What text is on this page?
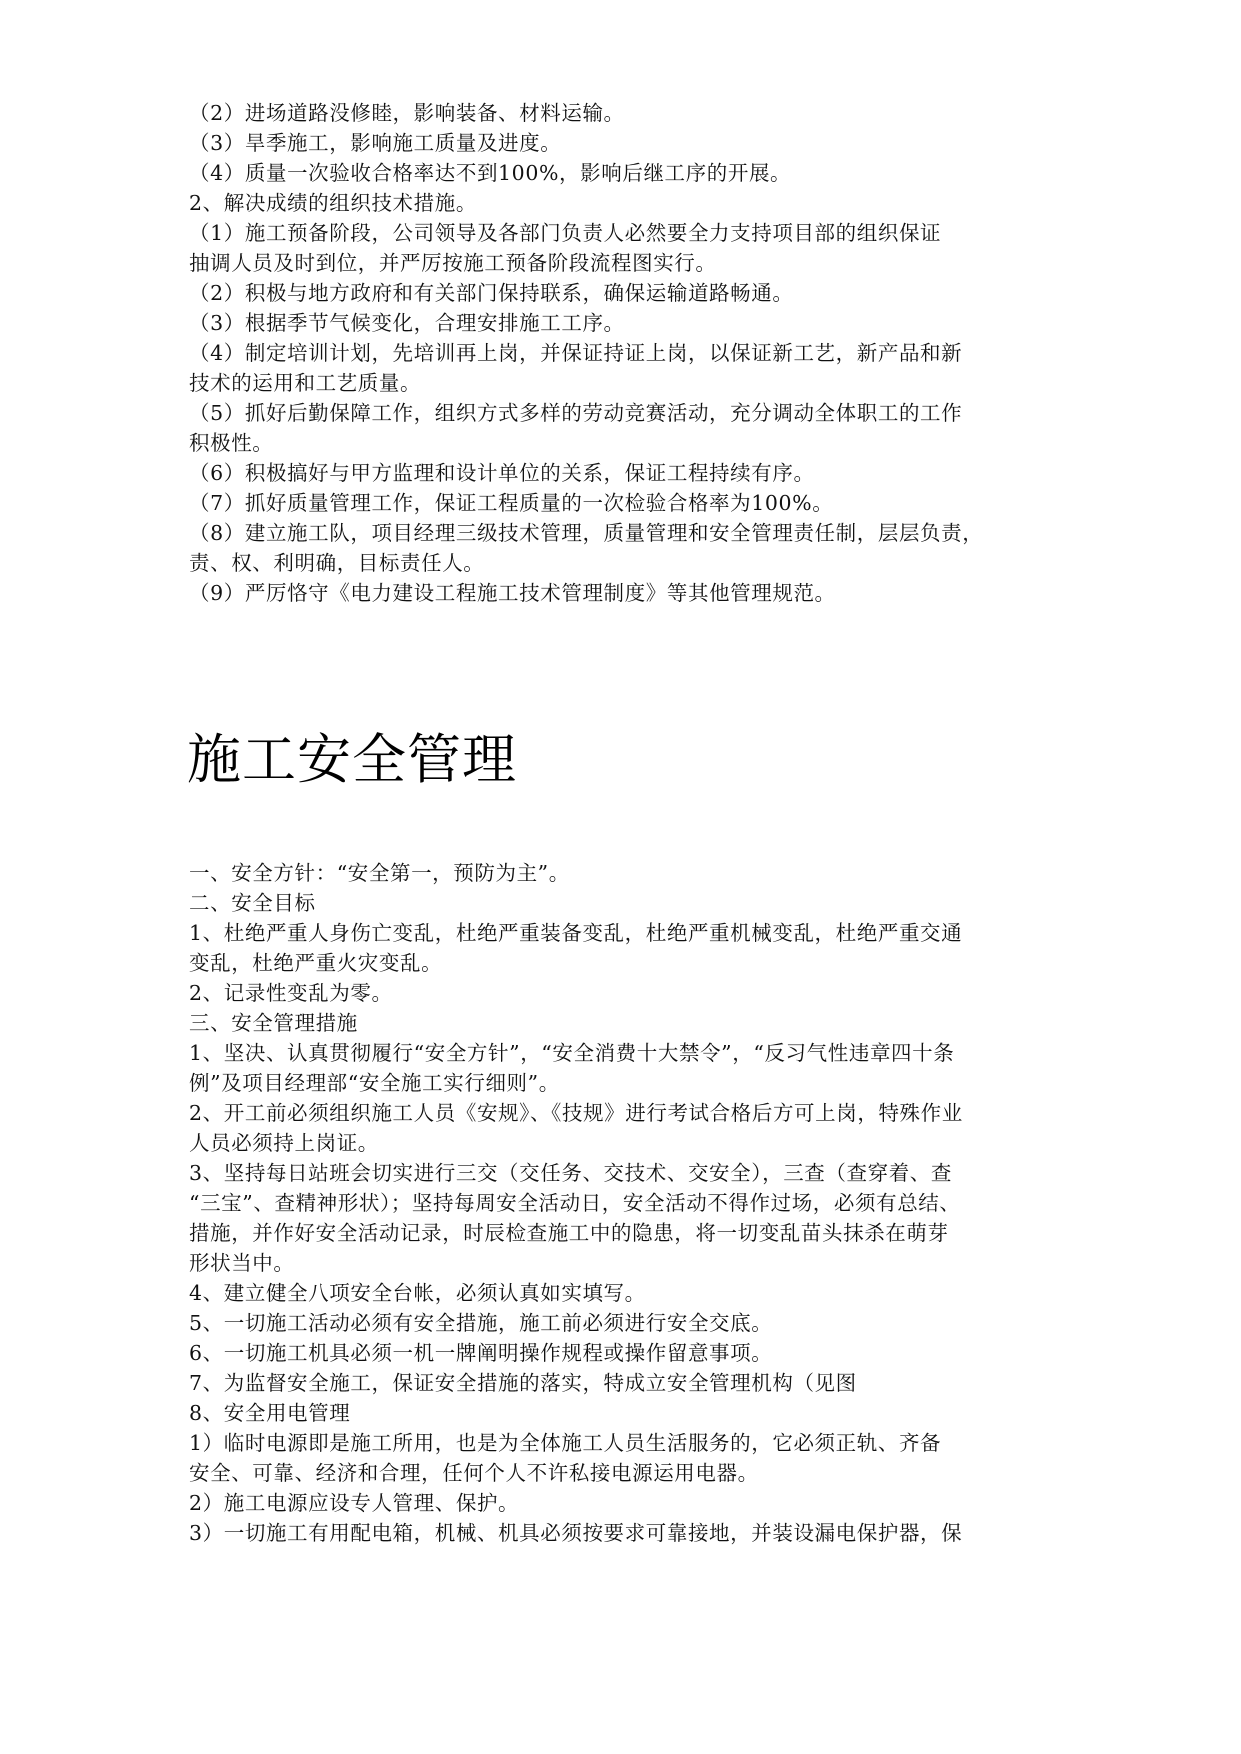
（2）进场道路没修睦，影响装备、材料运输。
（3）旱季施工，影响施工质量及进度。
（4）质量一次验收合格率达不到100%，影响后继工序的开展。
2、解决成绩的组织技术措施。
（1）施工预备阶段，公司领导及各部门负责人必然要全力支持项目部的组织保证
抽调人员及时到位，并严厉按施工预备阶段流程图实行。
（2）积极与地方政府和有关部门保持联系，确保运输道路畅通。
（3）根据季节气候变化，合理安排施工工序。
（4）制定培训计划，先培训再上岗，并保证持证上岗，以保证新工艺，新产品和新
技术的运用和工艺质量。
（5）抓好后勤保障工作，组织方式多样的劳动竞赛活动，充分调动全体职工的工作
积极性。
（6）积极搞好与甲方监理和设计单位的关系，保证工程持续有序。
（7）抓好质量管理工作，保证工程质量的一次检验合格率为100%。
（8）建立施工队，项目经理三级技术管理，质量管理和安全管理责任制，层层负责，
责、权、利明确，目标责任人。
（9）严厉恪守《电力建设工程施工技术管理制度》等其他管理规范。
施工安全管理
一、安全方针：“安全第一，预防为主”。
二、安全目标
1、杜绝严重人身伤亡变乱，杜绝严重装备变乱，杜绝严重机械变乱，杜绝严重交通
变乱，杜绝严重火灾变乱。
2、记录性变乱为零。
三、安全管理措施
1、坚决、认真贯彻履行“安全方针”，“安全消费十大禁令”，“反习气性违章四十条
例”及项目经理部“安全施工实行细则”。
2、开工前必须组织施工人员《安规》、《技规》进行考试合格后方可上岗，特殊作业
人员必须持上岗证。
3、坚持每日站班会切实进行三交（交任务、交技术、交安全），三查（查穿着、查
“三宝”、查精神形状）；坚持每周安全活动日，安全活动不得作过场，必须有总结、
措施，并作好安全活动记录，时辰检查施工中的隐患，将一切变乱苗头抹杀在萌芽
形状当中。
4、建立健全八项安全台帐，必须认真如实填写。
5、一切施工活动必须有安全措施，施工前必须进行安全交底。
6、一切施工机具必须一机一牌阐明操作规程或操作留意事项。
7、为监督安全施工，保证安全措施的落实，特成立安全管理机构（见图
8、安全用电管理
1）临时电源即是施工所用，也是为全体施工人员生活服务的，它必须正轨、齐备
安全、可靠、经济和合理，任何个人不许私接电源运用电器。
2）施工电源应设专人管理、保护。
3）一切施工有用配电箱，机械、机具必须按要求可靠接地，并装设漏电保护器，保
